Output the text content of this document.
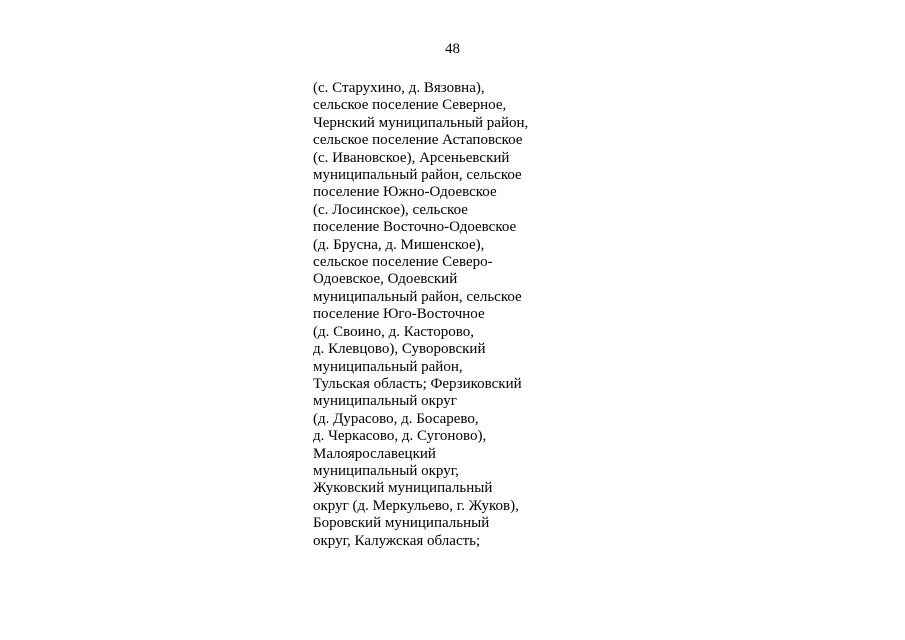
48
(с. Старухино, д. Вязовна),
сельское поселение Северное,
Чернский муниципальный район,
сельское поселение Астаповское
(с. Ивановское), Арсеньевский
муниципальный район, сельское
поселение Южно-Одоевское
(с. Лосинское), сельское
поселение Восточно-Одоевское
(д. Брусна, д. Мишенское),
сельское поселение Северо-
Одоевское, Одоевский
муниципальный район, сельское
поселение Юго-Восточное
(д. Своино, д. Касторово,
д. Клевцово), Суворовский
муниципальный район,
Тульская область; Ферзиковский
муниципальный округ
(д. Дурасово, д. Босарево,
д. Черкасово, д. Сугоново),
Малоярославецкий
муниципальный округ,
Жуковский муниципальный
округ (д. Меркульево, г. Жуков),
Боровский муниципальный
округ, Калужская область;
